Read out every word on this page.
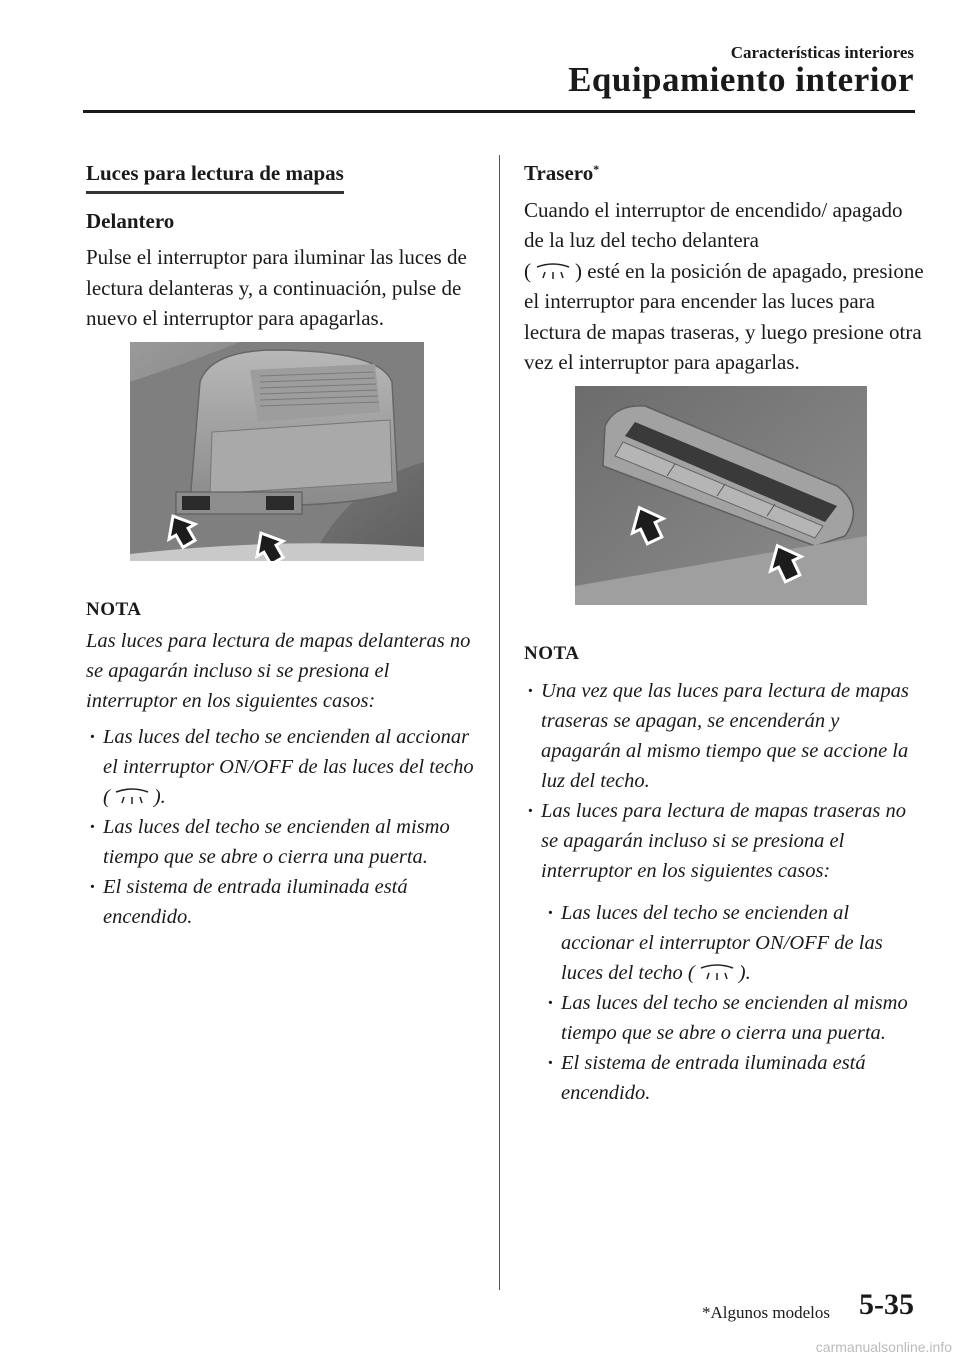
Características interiores
Equipamiento interior
Luces para lectura de mapas
Delantero
Pulse el interruptor para iluminar las luces de lectura delanteras y, a continuación, pulse de nuevo el interruptor para apagarlas.
NOTA
Las luces para lectura de mapas delanteras no se apagarán incluso si se presiona el interruptor en los siguientes casos:
· Las luces del techo se encienden al accionar el interruptor ON/OFF de las luces del techo ( ).
· Las luces del techo se encienden al mismo tiempo que se abre o cierra una puerta.
· El sistema de entrada iluminada está encendido.
Trasero*
Cuando el interruptor de encendido/ apagado de la luz del techo delantera
( ) esté en la posición de apagado, presione el interruptor para encender las luces para lectura de mapas traseras, y luego presione otra vez el interruptor para apagarlas.
NOTA
· Una vez que las luces para lectura de mapas traseras se apagan, se encenderán y apagarán al mismo tiempo que se accione la luz del techo.
· Las luces para lectura de mapas traseras no se apagarán incluso si se presiona el interruptor en los siguientes casos:
· Las luces del techo se encienden al accionar el interruptor ON/OFF de las luces del techo ( ).
· Las luces del techo se encienden al mismo tiempo que se abre o cierra una puerta.
· El sistema de entrada iluminada está encendido.
*Algunos modelos 5-35
carmanualsonline.info
